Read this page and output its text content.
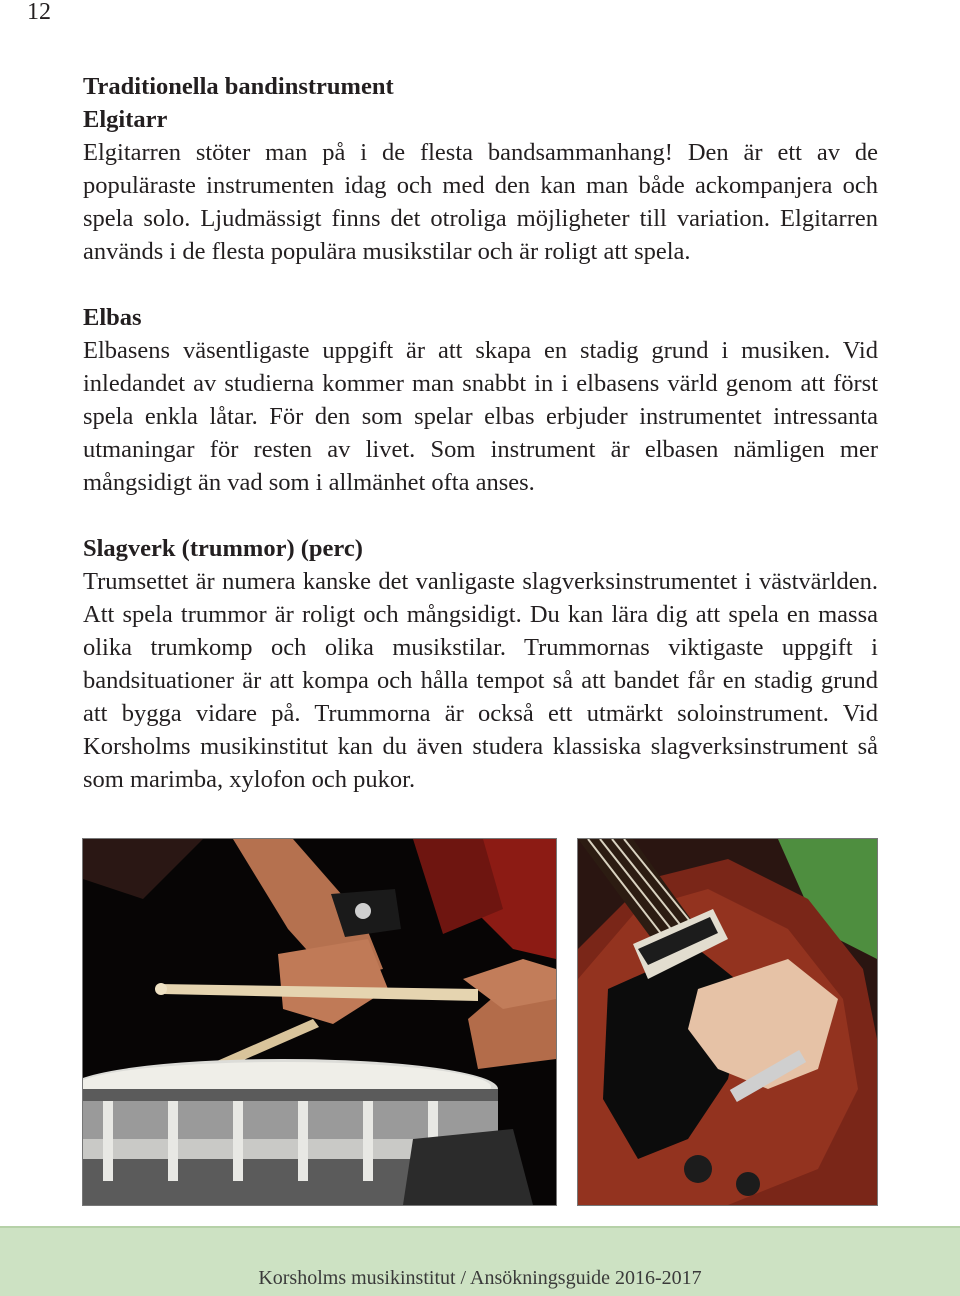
12

Traditionella bandinstrument

Elgitarr

Elgitarren stöter man på i de flesta bandsammanhang! Den är ett av de populäraste instrumenten idag och med den kan man både ackompanjera och spela solo. Ljudmässigt finns det otroliga möjligheter till variation. Elgitarren används i de flesta populära musikstilar och är roligt att spela.

Elbas

Elbasens väsentligaste uppgift är att skapa en stadig grund i musiken. Vid inledandet av studierna kommer man snabbt in i elbasens värld genom att först spela enkla låtar. För den som spelar elbas erbjuder instrumentet intressanta utmaningar för resten av livet. Som instrument är elbasen nämligen mer mångsidigt än vad som i allmänhet ofta anses.

Slagverk (trummor) (perc)

Trumsettet är numera kanske det vanligaste slagverksinstrumentet i västvärlden. Att spela trummor är roligt och mångsidigt. Du kan lära dig att spela en massa olika trumkomp och olika musikstilar. Trummornas viktigaste uppgift i bandsituationer är att kompa och hålla tempot så att bandet får en stadig grund att bygga vidare på. Trummorna är också ett utmärkt soloinstrument. Vid Korsholms musikinstitut kan du även studera klassiska slagverksinstrument så som marimba, xylofon och pukor.

Korsholms musikinstitut / Ansökningsguide 2016-2017
